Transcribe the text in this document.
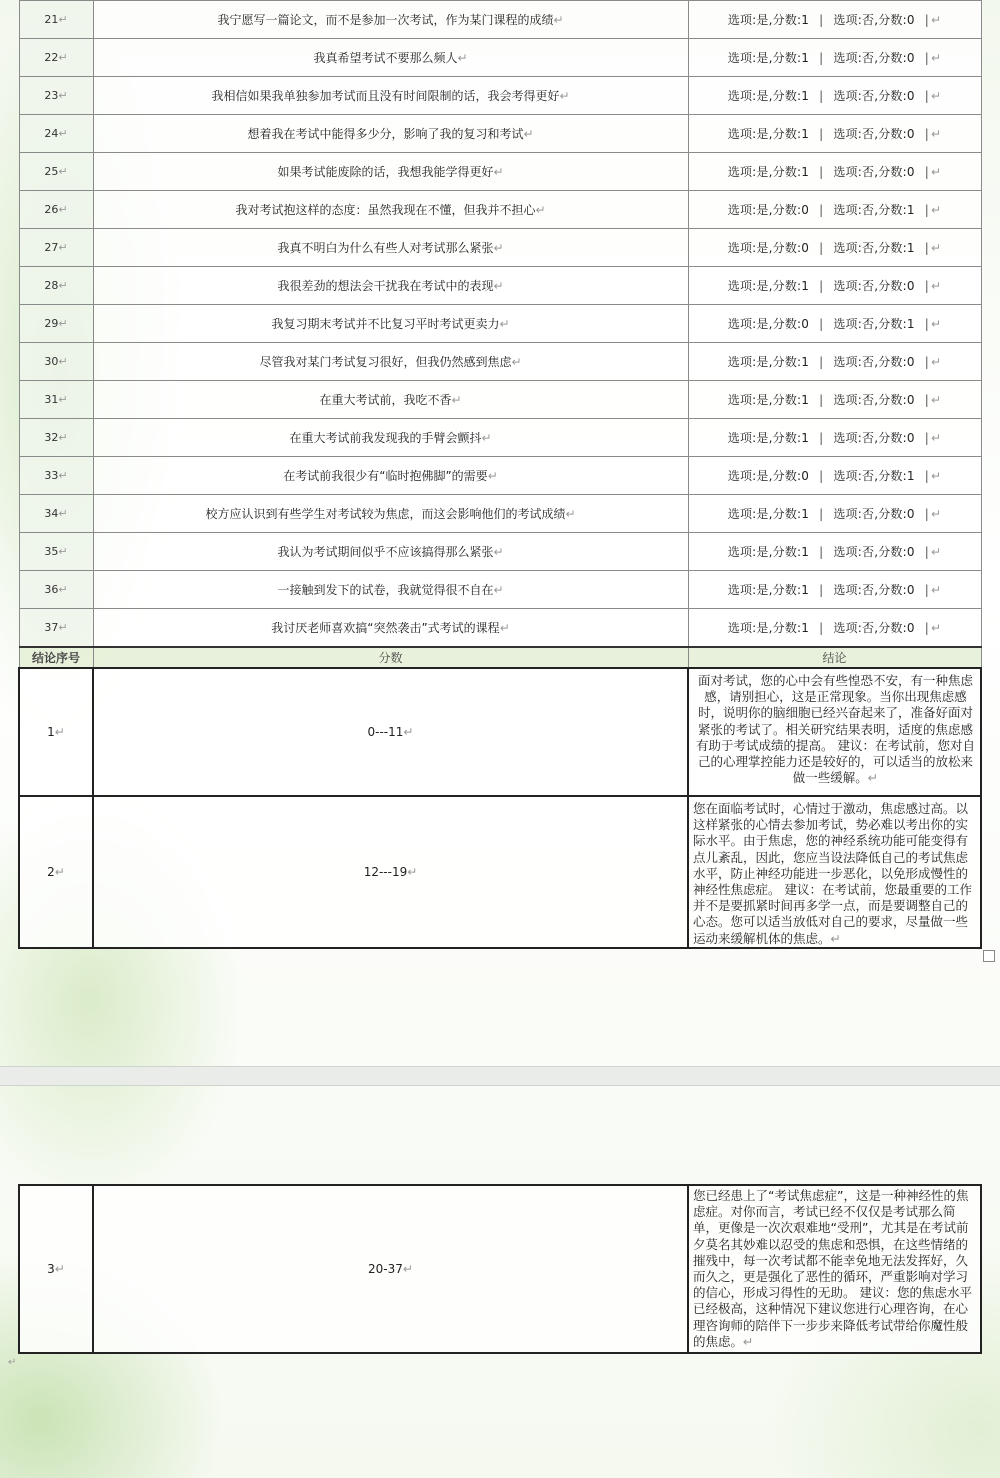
21↵	我宁愿写一篇论文，而不是参加一次考试，作为某门课程的成绩↵	选项:是,分数:1 | 选项:否,分数:0 | ↵
22↵	我真希望考试不要那么频人↵	选项:是,分数:1 | 选项:否,分数:0 | ↵
23↵	我相信如果我单独参加考试而且没有时间限制的话，我会考得更好↵	选项:是,分数:1 | 选项:否,分数:0 | ↵
24↵	想着我在考试中能得多少分，影响了我的复习和考试↵	选项:是,分数:1 | 选项:否,分数:0 | ↵
25↵	如果考试能废除的话，我想我能学得更好↵	选项:是,分数:1 | 选项:否,分数:0 | ↵
26↵	我对考试抱这样的态度：虽然我现在不懂，但我并不担心↵	选项:是,分数:0 | 选项:否,分数:1 | ↵
27↵	我真不明白为什么有些人对考试那么紧张↵	选项:是,分数:0 | 选项:否,分数:1 | ↵
28↵	我很差劲的想法会干扰我在考试中的表现↵	选项:是,分数:1 | 选项:否,分数:0 | ↵
29↵	我复习期末考试并不比复习平时考试更卖力↵	选项:是,分数:0 | 选项:否,分数:1 | ↵
30↵	尽管我对某门考试复习很好，但我仍然感到焦虑↵	选项:是,分数:1 | 选项:否,分数:0 | ↵
31↵	在重大考试前，我吃不香↵	选项:是,分数:1 | 选项:否,分数:0 | ↵
32↵	在重大考试前我发现我的手臂会颤抖↵	选项:是,分数:1 | 选项:否,分数:0 | ↵
33↵	在考试前我很少有“临时抱佛脚”的需要↵	选项:是,分数:0 | 选项:否,分数:1 | ↵
34↵	校方应认识到有些学生对考试较为焦虑，而这会影响他们的考试成绩↵	选项:是,分数:1 | 选项:否,分数:0 | ↵
35↵	我认为考试期间似乎不应该搞得那么紧张↵	选项:是,分数:1 | 选项:否,分数:0 | ↵
36↵	一接触到发下的试卷，我就觉得很不自在↵	选项:是,分数:1 | 选项:否,分数:0 | ↵
37↵	我讨厌老师喜欢搞“突然袭击”式考试的课程↵	选项:是,分数:1 | 选项:否,分数:0 | ↵
结论序号	分数	结论
1↵	0---11↵	面对考试，您的心中会有些惶恐不安，有一种焦虑感，请别担心，这是正常现象。当你出现焦虑感时，说明你的脑细胞已经兴奋起来了，准备好面对紧张的考试了。相关研究结果表明，适度的焦虑感有助于考试成绩的提高。 建议：在考试前，您对自己的心理掌控能力还是较好的，可以适当的放松来做一些缓解。↵
2↵	12---19↵	您在面临考试时，心情过于激动，焦虑感过高。以这样紧张的心情去参加考试，势必难以考出你的实际水平。由于焦虑，您的神经系统功能可能变得有点儿紊乱，因此，您应当设法降低自己的考试焦虑水平，防止神经功能进一步恶化，以免形成慢性的神经性焦虑症。 建议：在考试前，您最重要的工作并不是要抓紧时间再多学一点，而是要调整自己的心态。您可以适当放低对自己的要求，尽量做一些运动来缓解机体的焦虑。↵
3↵	20-37↵	您已经患上了“考试焦虑症”，这是一种神经性的焦虑症。对你而言，考试已经不仅仅是考试那么简单，更像是一次次艰难地“受刑”，尤其是在考试前夕莫名其妙难以忍受的焦虑和恐惧，在这些情绪的摧残中，每一次考试都不能幸免地无法发挥好，久而久之，更是强化了恶性的循环，严重影响对学习的信心，形成习得性的无助。 建议：您的焦虑水平已经极高，这种情况下建议您进行心理咨询，在心理咨询师的陪伴下一步步来降低考试带给你魔性般的焦虑。↵
↵
